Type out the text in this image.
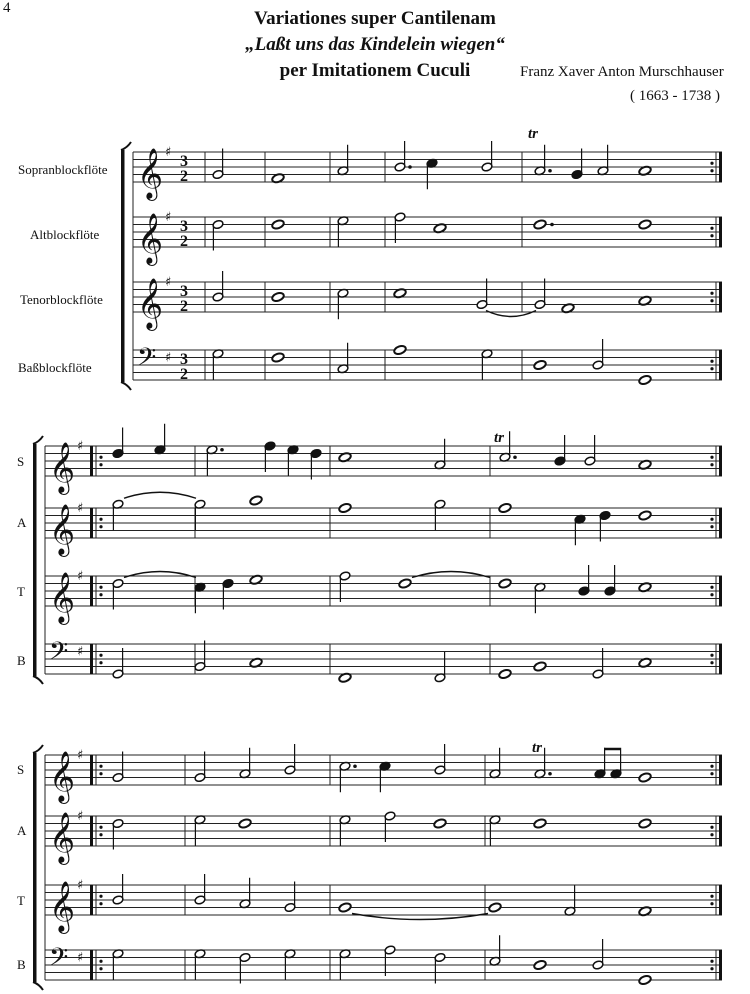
4	Variationes super Cantilenam
„Laßt uns das Kindelein wiegen“
per Imitationem Cuculi	Franz Xaver Anton Murschhauser
( 1663 - 1738 )
Sopranblockflöte
Altblockflöte
Tenorblockflöte
Baßblockflöte
S
A
T
B
S
A
T
B
𝄞 ♯
3
2
𝄞 ♯
3
2
𝄞 ♯
3
2
𝄢 ♯ 3
2
𝄞 ♯
𝄞 ♯
𝄞 ♯
𝄢 ♯
𝄞 ♯
𝄞 ♯
𝄞 ♯
𝄢 ♯
tr
tr
tr
